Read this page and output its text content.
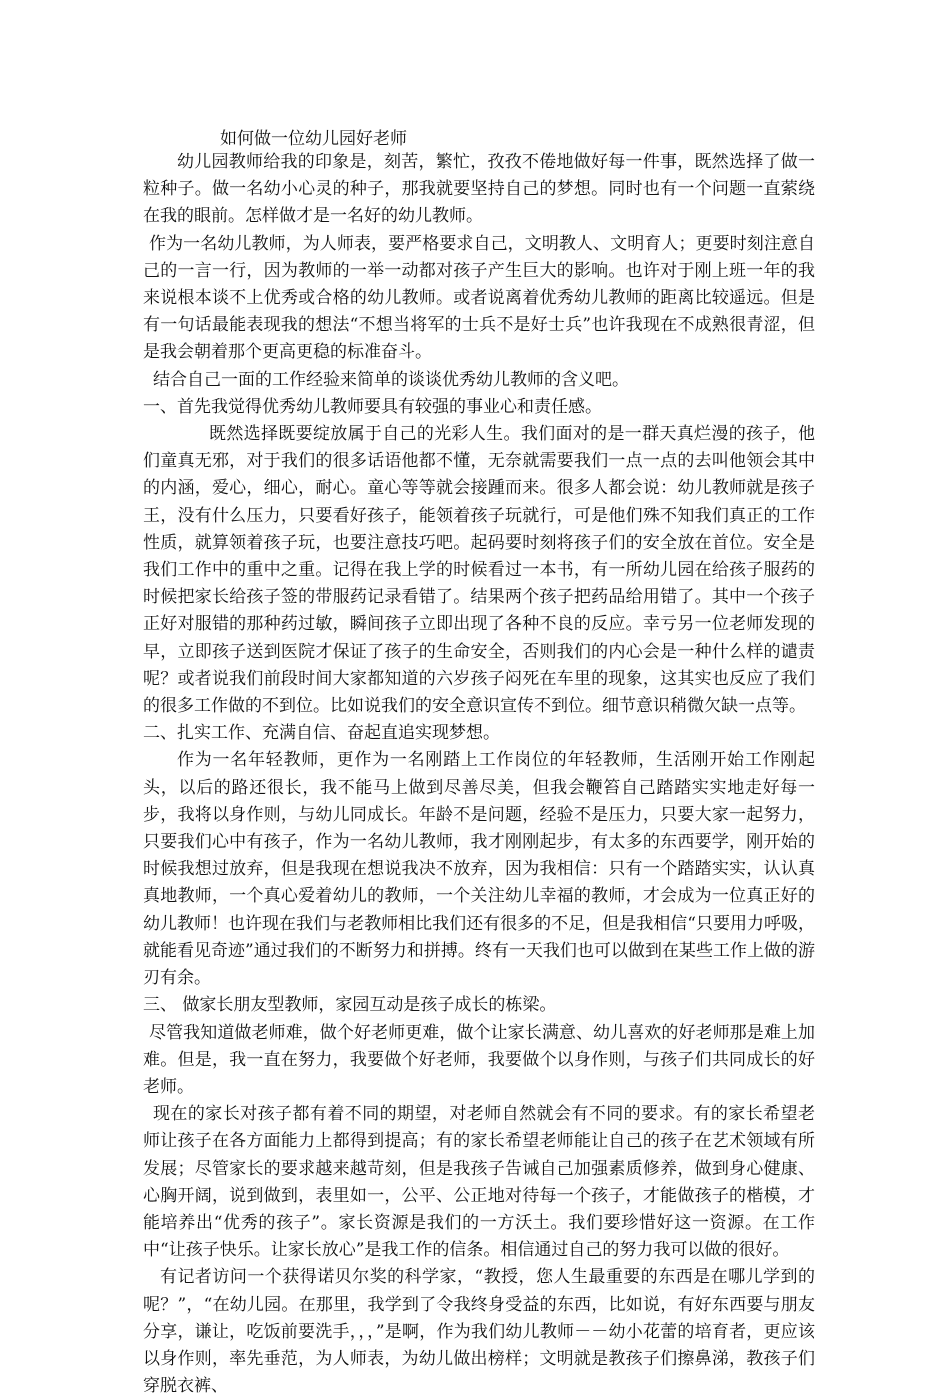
如何做一位幼儿园好老师

幼儿园教师给我的印象是，刻苦，繁忙，孜孜不倦地做好每一件事，既然选择了做一粒种子。做一名幼小心灵的种子，那我就要坚持自己的梦想。同时也有一个问题一直萦绕在我的眼前。怎样做才是一名好的幼儿教师。

作为一名幼儿教师，为人师表，要严格要求自己，文明教人、文明育人；更要时刻注意自己的一言一行，因为教师的一举一动都对孩子产生巨大的影响。也许对于刚上班一年的我来说根本谈不上优秀或合格的幼儿教师。或者说离着优秀幼儿教师的距离比较遥远。但是有一句话最能表现我的想法“不想当将军的士兵不是好士兵”也许我现在不成熟很青涩，但是我会朝着那个更高更稳的标准奋斗。

结合自己一面的工作经验来简单的谈谈优秀幼儿教师的含义吧。

一、首先我觉得优秀幼儿教师要具有较强的事业心和责任感。

既然选择既要绽放属于自己的光彩人生。我们面对的是一群天真烂漫的孩子，他们童真无邪，对于我们的很多话语他都不懂，无奈就需要我们一点一点的去叫他领会其中的内涵，爱心，细心，耐心。童心等等就会接踵而来。很多人都会说：幼儿教师就是孩子王，没有什么压力，只要看好孩子，能领着孩子玩就行，可是他们殊不知我们真正的工作性质，就算领着孩子玩，也要注意技巧吧。起码要时刻将孩子们的安全放在首位。安全是我们工作中的重中之重。记得在我上学的时候看过一本书，有一所幼儿园在给孩子服药的时候把家长给孩子签的带服药记录看错了。结果两个孩子把药品给用错了。其中一个孩子正好对服错的那种药过敏，瞬间孩子立即出现了各种不良的反应。幸亏另一位老师发现的早，立即孩子送到医院才保证了孩子的生命安全，否则我们的内心会是一种什么样的谴责呢？或者说我们前段时间大家都知道的六岁孩子闷死在车里的现象，这其实也反应了我们的很多工作做的不到位。比如说我们的安全意识宣传不到位。细节意识稍微欠缺一点等。

二、扎实工作、充满自信、奋起直追实现梦想。

作为一名年轻教师，更作为一名刚踏上工作岗位的年轻教师，生活刚开始工作刚起头，以后的路还很长，我不能马上做到尽善尽美，但我会鞭笞自己踏踏实实地走好每一步，我将以身作则，与幼儿同成长。年龄不是问题，经验不是压力，只要大家一起努力，只要我们心中有孩子，作为一名幼儿教师，我才刚刚起步，有太多的东西要学，刚开始的时候我想过放弃，但是我现在想说我决不放弃，因为我相信：只有一个踏踏实实，认认真真地教师，一个真心爱着幼儿的教师，一个关注幼儿幸福的教师，才会成为一位真正好的幼儿教师！也许现在我们与老教师相比我们还有很多的不足，但是我相信“只要用力呼吸，就能看见奇迹”通过我们的不断努力和拼搏。终有一天我们也可以做到在某些工作上做的游刃有余。

三、 做家长朋友型教师，家园互动是孩子成长的栋梁。

尽管我知道做老师难，做个好老师更难，做个让家长满意、幼儿喜欢的好老师那是难上加难。但是，我一直在努力，我要做个好老师，我要做个以身作则，与孩子们共同成长的好老师。

现在的家长对孩子都有着不同的期望，对老师自然就会有不同的要求。有的家长希望老师让孩子在各方面能力上都得到提高；有的家长希望老师能让自己的孩子在艺术领域有所发展；尽管家长的要求越来越苛刻，但是我孩子告诫自己加强素质修养，做到身心健康、心胸开阔，说到做到，表里如一，公平、公正地对待每一个孩子，才能做孩子的楷模，才能培养出“优秀的孩子”。家长资源是我们的一方沃土。我们要珍惜好这一资源。在工作中“让孩子快乐。让家长放心”是我工作的信条。相信通过自己的努力我可以做的很好。

有记者访问一个获得诺贝尔奖的科学家，“教授，您人生最重要的东西是在哪儿学到的呢？”，“在幼儿园。在那里，我学到了令我终身受益的东西，比如说，有好东西要与朋友分享，谦让，吃饭前要洗手，，，”是啊，作为我们幼儿教师－－幼小花蕾的培育者，更应该以身作则，率先垂范，为人师表，为幼儿做出榜样；文明就是教孩子们擦鼻涕，教孩子们穿脱衣裤、
